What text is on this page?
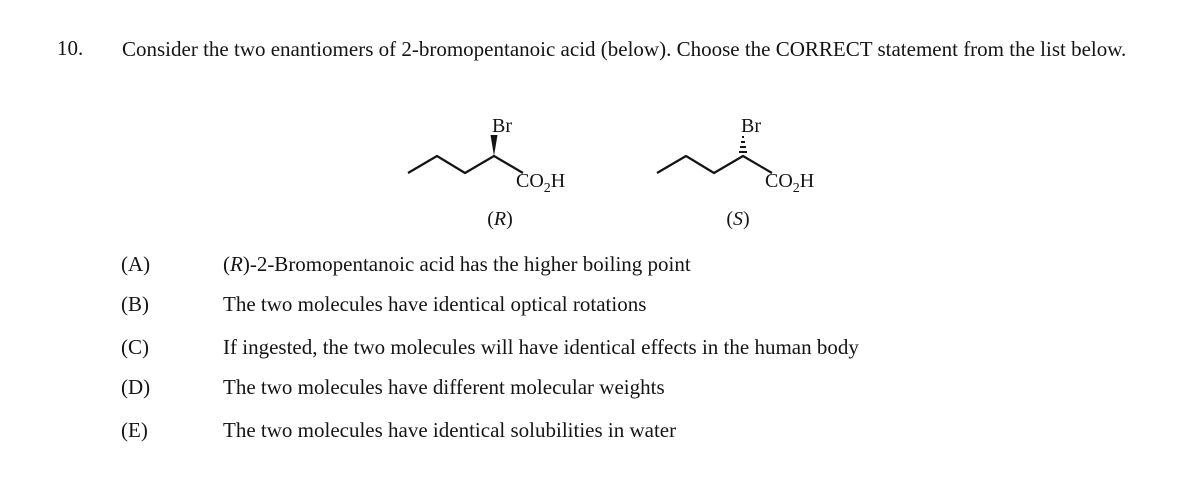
10. Consider the two enantiomers of 2-bromopentanoic acid (below). Choose the CORRECT statement from the list below.
Br
$CO_2H$
(R)
Br
$CO_2H$
(S)
(A)	(R)-2-Bromopentanoic acid has the higher boiling point
(B)	The two molecules have identical optical rotations
(C)	If ingested, the two molecules will have identical effects in the human body
(D)	The two molecules have different molecular weights
(E)	The two molecules have identical solubilities in water
